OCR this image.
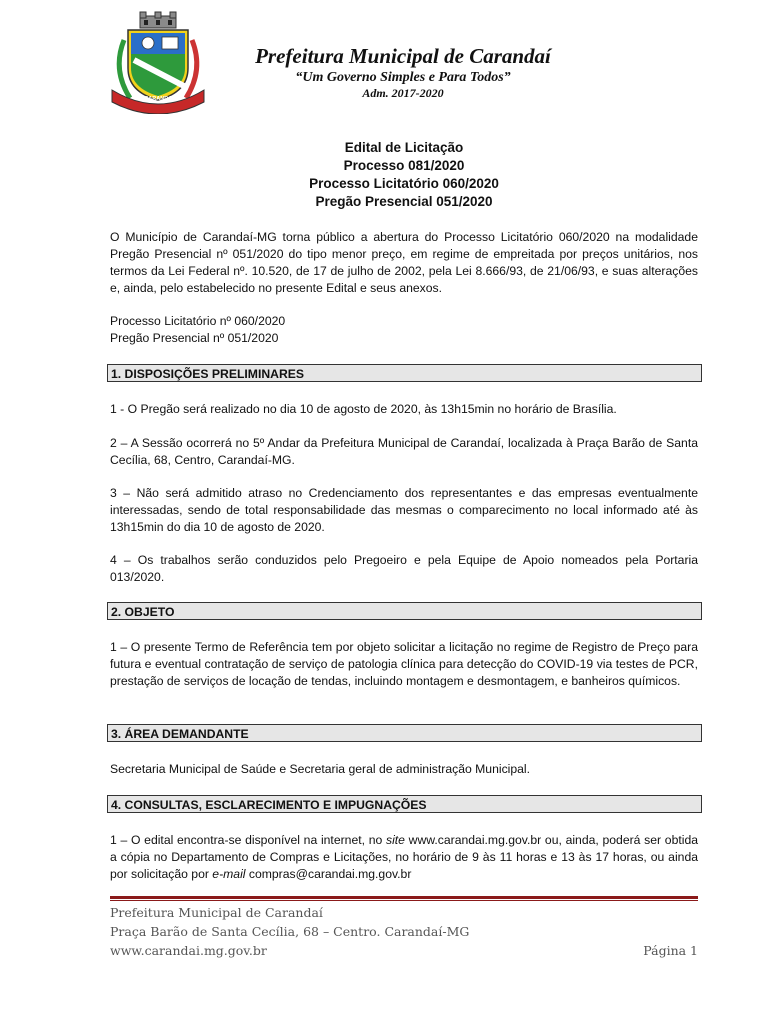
CARANDAÍ
Prefeitura Municipal de Carandaí
“Um Governo Simples e Para Todos”
Adm. 2017-2020
Edital de Licitação
Processo 081/2020
Processo Licitatório 060/2020
Pregão Presencial 051/2020

O Município de Carandaí-MG torna público a abertura do Processo Licitatório 060/2020 na modalidade Pregão Presencial nº 051/2020 do tipo menor preço, em regime de empreitada por preços unitários, nos termos da Lei Federal nº. 10.520, de 17 de julho de 2002, pela Lei 8.666/93, de 21/06/93, e suas alterações e, ainda, pelo estabelecido no presente Edital e seus anexos.

Processo Licitatório nº 060/2020

Pregão Presencial nº 051/2020

1. DISPOSIÇÕES PRELIMINARES

1 - O Pregão será realizado no dia 10 de agosto de 2020, às 13h15min no horário de Brasília.

2 – A Sessão ocorrerá no 5º Andar da Prefeitura Municipal de Carandaí, localizada à Praça Barão de Santa Cecília, 68, Centro, Carandaí-MG.

3 – Não será admitido atraso no Credenciamento dos representantes e das empresas eventualmente interessadas, sendo de total responsabilidade das mesmas o comparecimento no local informado até às 13h15min do dia 10 de agosto de 2020.

4 – Os trabalhos serão conduzidos pelo Pregoeiro e pela Equipe de Apoio nomeados pela Portaria 013/2020.

2. OBJETO

1 – O presente Termo de Referência tem por objeto solicitar a licitação no regime de Registro de Preço para futura e eventual contratação de serviço de patologia clínica para detecção do COVID-19 via testes de PCR, prestação de serviços de locação de tendas, incluindo montagem e desmontagem, e banheiros químicos.

3. ÁREA DEMANDANTE

Secretaria Municipal de Saúde e Secretaria geral de administração Municipal.

4. CONSULTAS, ESCLARECIMENTO E IMPUGNAÇÕES

1 – O edital encontra-se disponível na internet, no site www.carandai.mg.gov.br ou, ainda, poderá ser obtida a cópia no Departamento de Compras e Licitações, no horário de 9 às 11 horas e 13 às 17 horas, ou ainda por solicitação por e-mail compras@carandai.mg.gov.br

Prefeitura Municipal de Carandaí
Praça Barão de Santa Cecília, 68 – Centro. Carandaí-MG
www.carandai.mg.gov.br	Página 1
